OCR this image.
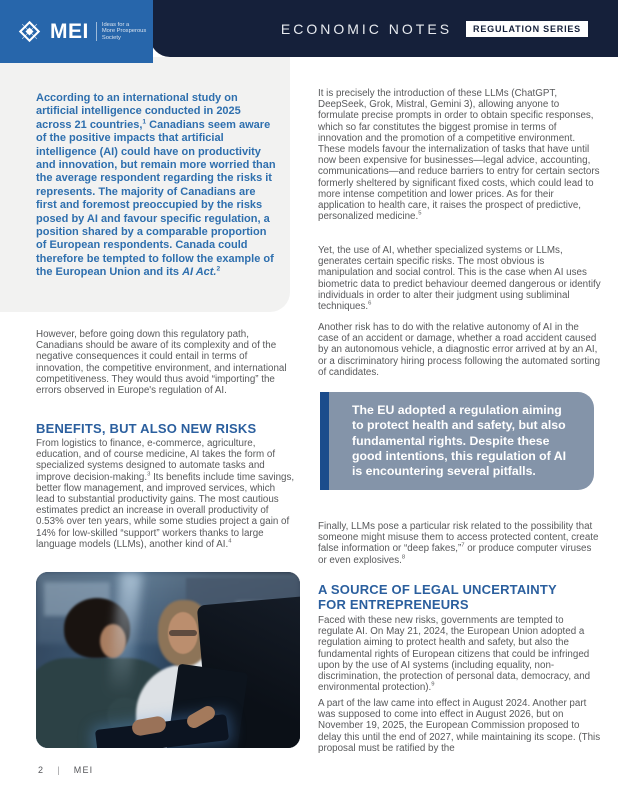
ECONOMIC NOTES	REGULATION SERIES
MEI Ideas for a
More Prosperous
Society
According to an international study on artificial intelligence conducted in 2025 across 21 countries,$^1$ Canadians seem aware of the positive impacts that artificial intelligence (AI) could have on productivity and innovation, but remain more worried than the average respondent regarding the risks it represents. The majority of Canadians are first and foremost preoccupied by the risks posed by AI and favour specific regulation, a position shared by a comparable proportion of European respondents. Canada could therefore be tempted to follow the example of the European Union and its AI Act.$^2$
However, before going down this regulatory path, Canadians should be aware of its complexity and of the negative consequences it could entail in terms of innovation, the competitive environment, and international competitiveness. They would thus avoid “importing” the errors observed in Europe's regulation of AI.
BENEFITS, BUT ALSO NEW RISKS
From logistics to finance, e-commerce, agriculture, education, and of course medicine, AI takes the form of specialized systems designed to automate tasks and improve decision-making.$^3$ Its benefits include time savings, better flow management, and improved services, which lead to substantial productivity gains. The most cautious estimates predict an increase in overall productivity of 0.53% over ten years, while some studies project a gain of 14% for low-skilled “support” workers thanks to large language models (LLMs), another kind of AI.$^4$
It is precisely the introduction of these LLMs (ChatGPT, DeepSeek, Grok, Mistral, Gemini 3), allowing anyone to formulate precise prompts in order to obtain specific responses, which so far constitutes the biggest promise in terms of innovation and the promotion of a competitive environment. These models favour the internalization of tasks that have until now been expensive for businesses—legal advice, accounting, communications—and reduce barriers to entry for certain sectors formerly sheltered by significant fixed costs, which could lead to more intense competition and lower prices. As for their application to health care, it raises the prospect of predictive, personalized medicine.$^5$
Yet, the use of AI, whether specialized systems or LLMs, generates certain specific risks. The most obvious is manipulation and social control. This is the case when AI uses biometric data to predict behaviour deemed dangerous or identify individuals in order to alter their judgment using subliminal techniques.$^6$
Another risk has to do with the relative autonomy of AI in the case of an accident or damage, whether a road accident caused by an autonomous vehicle, a diagnostic error arrived at by an AI, or a discriminatory hiring process following the automated sorting of candidates.
The EU adopted a regulation aiming to protect health and safety, but also fundamental rights. Despite these good intentions, this regulation of AI is encountering several pitfalls.
Finally, LLMs pose a particular risk related to the possibility that someone might misuse them to access protected content, create false information or “deep fakes,”$^7$ or produce computer viruses or even explosives.$^8$
A SOURCE OF LEGAL UNCERTAINTY
FOR ENTREPRENEURS
Faced with these new risks, governments are tempted to regulate AI. On May 21, 2024, the European Union adopted a regulation aiming to protect health and safety, but also the fundamental rights of European citizens that could be infringed upon by the use of AI systems (including equality, non-discrimination, the protection of personal data, democracy, and environmental protection).$^9$
A part of the law came into effect in August 2024. Another part was supposed to come into effect in August 2026, but on November 19, 2025, the European Commission proposed to delay this until the end of 2027, while maintaining its scope. (This proposal must be ratified by the
2 | MEI
